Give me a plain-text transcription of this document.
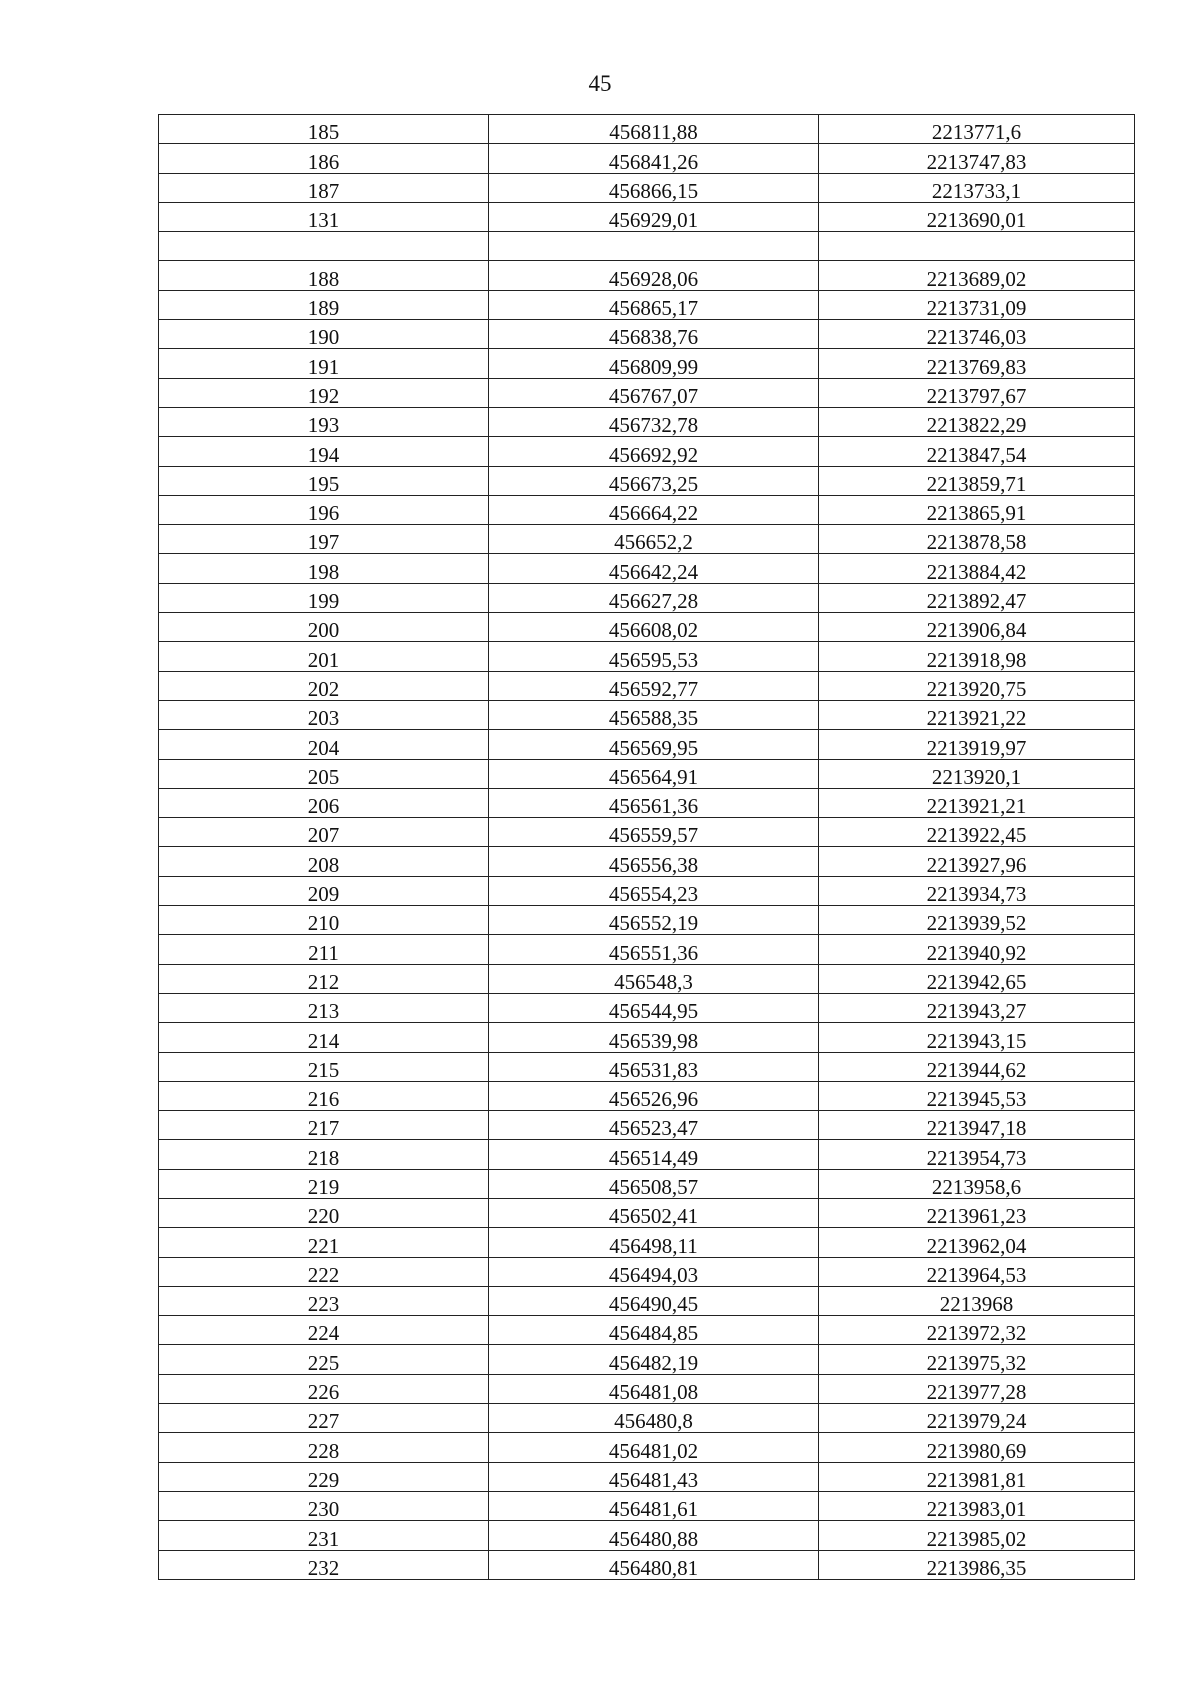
45
185	456811,88	2213771,6
186	456841,26	2213747,83
187	456866,15	2213733,1
131	456929,01	2213690,01

188	456928,06	2213689,02
189	456865,17	2213731,09
190	456838,76	2213746,03
191	456809,99	2213769,83
192	456767,07	2213797,67
193	456732,78	2213822,29
194	456692,92	2213847,54
195	456673,25	2213859,71
196	456664,22	2213865,91
197	456652,2	2213878,58
198	456642,24	2213884,42
199	456627,28	2213892,47
200	456608,02	2213906,84
201	456595,53	2213918,98
202	456592,77	2213920,75
203	456588,35	2213921,22
204	456569,95	2213919,97
205	456564,91	2213920,1
206	456561,36	2213921,21
207	456559,57	2213922,45
208	456556,38	2213927,96
209	456554,23	2213934,73
210	456552,19	2213939,52
211	456551,36	2213940,92
212	456548,3	2213942,65
213	456544,95	2213943,27
214	456539,98	2213943,15
215	456531,83	2213944,62
216	456526,96	2213945,53
217	456523,47	2213947,18
218	456514,49	2213954,73
219	456508,57	2213958,6
220	456502,41	2213961,23
221	456498,11	2213962,04
222	456494,03	2213964,53
223	456490,45	2213968
224	456484,85	2213972,32
225	456482,19	2213975,32
226	456481,08	2213977,28
227	456480,8	2213979,24
228	456481,02	2213980,69
229	456481,43	2213981,81
230	456481,61	2213983,01
231	456480,88	2213985,02
232	456480,81	2213986,35
